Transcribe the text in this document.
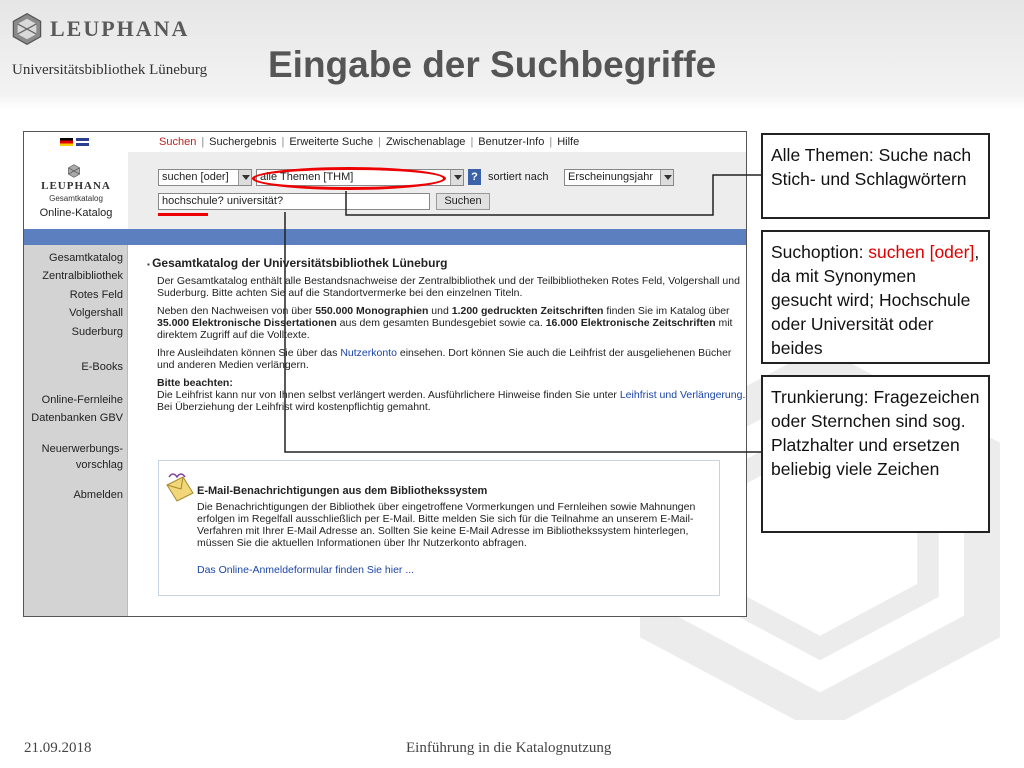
LEUPHANA
Universitätsbibliothek Lüneburg	Eingabe der Suchbegriffe
LEUPHANA
Gesamtkatalog
Online-Katalog
Suchen | Suchergebnis | Erweiterte Suche | Zwischenablage | Benutzer-Info | Hilfe
suchen [oder]	alle Themen [THM]	? sortiert nach	Erscheinungsjahr
hochschule? universität?	Suchen
Gesamtkatalog
Zentralbibliothek
Rotes Feld
Volgershall
Suderburg
E-Books
Online-Fernleihe
Datenbanken GBV
Neuerwerbungs-
vorschlag
Abmelden
▪ Gesamtkatalog der Universitätsbibliothek Lüneburg
Der Gesamtkatalog enthält alle Bestandsnachweise der Zentralbibliothek und der Teilbibliotheken Rotes Feld, Volgershall und Suderburg. Bitte achten Sie auf die Standortvermerke bei den einzelnen Titeln.
Neben den Nachweisen von über 550.000 Monographien und 1.200 gedruckten Zeitschriften finden Sie im Katalog über 35.000 Elektronische Dissertationen aus dem gesamten Bundesgebiet sowie ca. 16.000 Elektronische Zeitschriften mit direktem Zugriff auf die Volltexte.
Ihre Ausleihdaten können Sie über das Nutzerkonto einsehen. Dort können Sie auch die Leihfrist der ausgeliehenen Bücher und anderen Medien verlängern.
Bitte beachten:
Die Leihfrist kann nur von Ihnen selbst verlängert werden. Ausführlichere Hinweise finden Sie unter Leihfrist und Verlängerung. Bei Überziehung der Leihfrist wird kostenpflichtig gemahnt.
E-Mail-Benachrichtigungen aus dem Bibliothekssystem
Die Benachrichtigungen der Bibliothek über eingetroffene Vormerkungen und Fernleihen sowie Mahnungen erfolgen im Regelfall ausschließlich per E-Mail. Bitte melden Sie sich für die Teilnahme an unserem E-Mail-Verfahren mit Ihrer E-Mail Adresse an. Sollten Sie keine E-Mail Adresse im Bibliothekssystem hinterlegen, müssen Sie die aktuellen Informationen über Ihr Nutzerkonto abfragen.
Das Online-Anmeldeformular finden Sie hier ...
Alle Themen: Suche nach Stich- und Schlagwörtern
Suchoption: suchen [oder], da mit Synonymen gesucht wird; Hochschule oder Universität oder beides
Trunkierung: Fragezeichen oder Sternchen sind sog. Platzhalter und ersetzen beliebig viele Zeichen
21.09.2018	Einführung in die Katalognutzung
